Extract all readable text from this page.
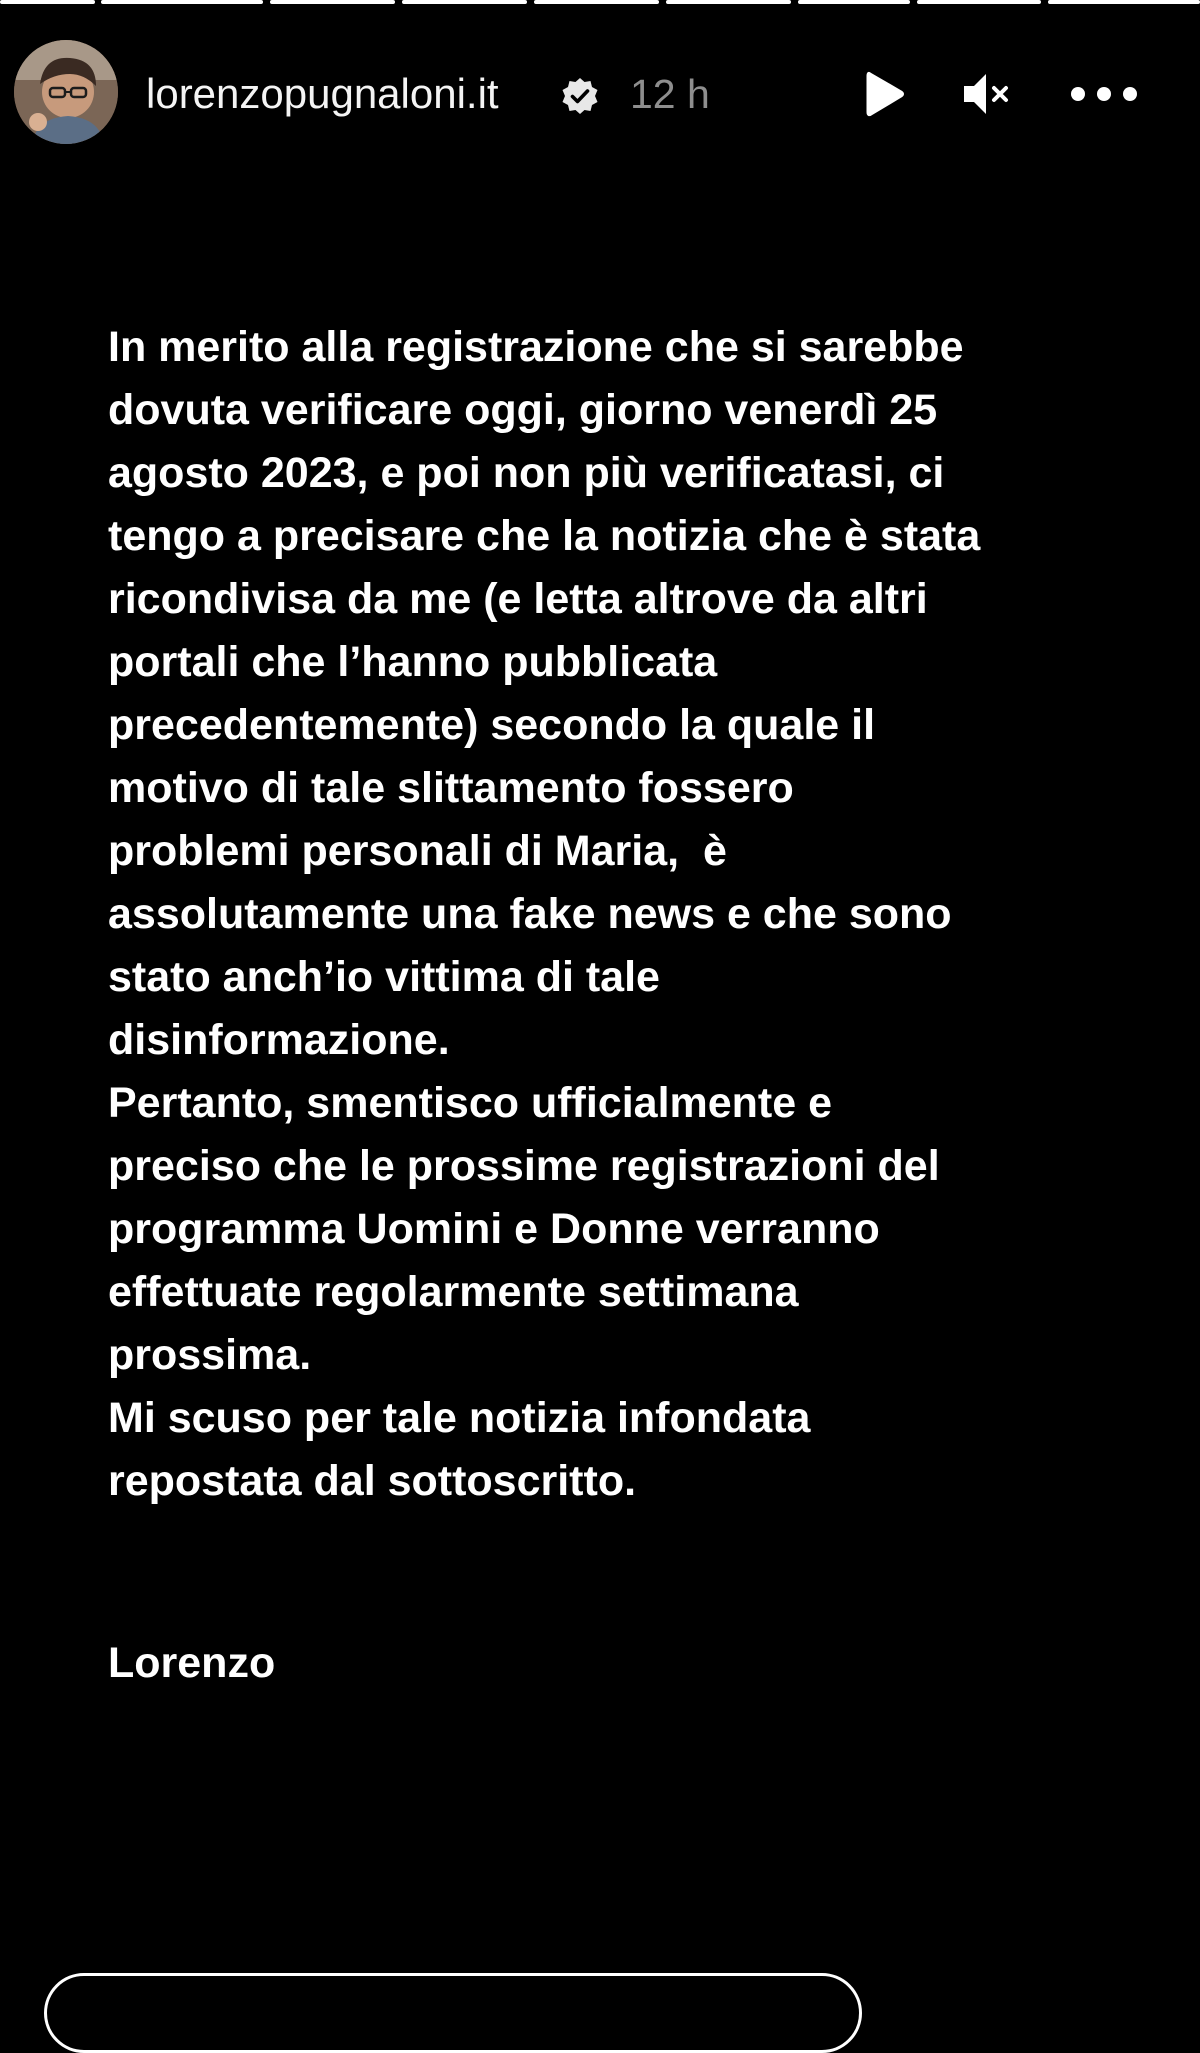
lorenzopugnaloni.it	12 h
In merito alla registrazione che si sarebbe
dovuta verificare oggi, giorno venerdì 25
agosto 2023, e poi non più verificatasi, ci
tengo a precisare che la notizia che è stata
ricondivisa da me (e letta altrove da altri
portali che l’hanno pubblicata
precedentemente) secondo la quale il
motivo di tale slittamento fossero
problemi personali di Maria,  è
assolutamente una fake news e che sono
stato anch’io vittima di tale
disinformazione.
Pertanto, smentisco ufficialmente e
preciso che le prossime registrazioni del
programma Uomini e Donne verranno
effettuate regolarmente settimana
prossima.
Mi scuso per tale notizia infondata
repostata dal sottoscritto.
Lorenzo
